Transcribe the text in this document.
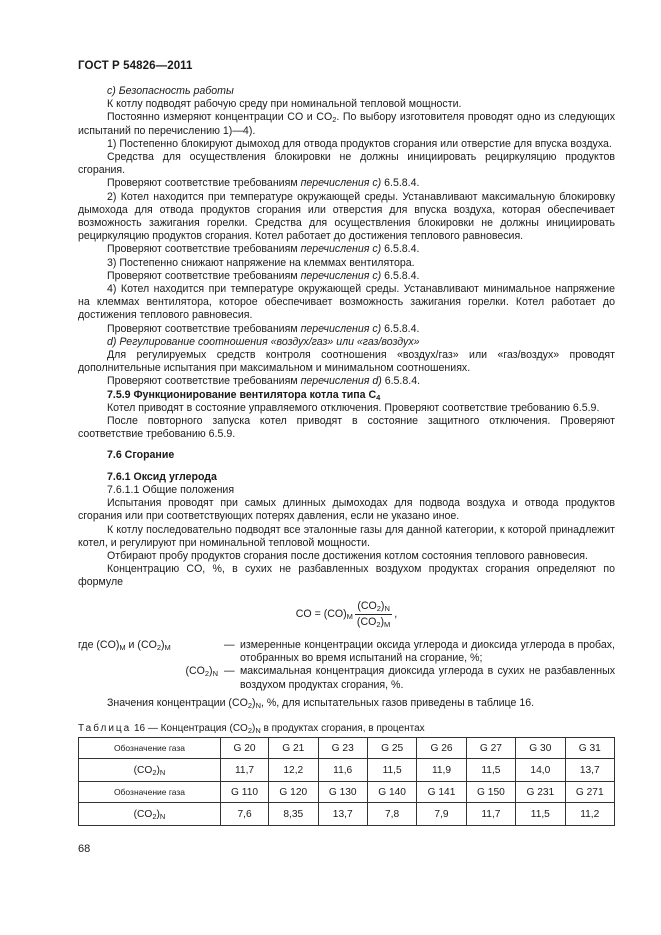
ГОСТ Р 54826—2011

c) Безопасность работы

К котлу подводят рабочую среду при номинальной тепловой мощности.

Постоянно измеряют концентрации CO и $CO_2$. По выбору изготовителя проводят одно из следующих испытаний по перечислению 1)—4).

1) Постепенно блокируют дымоход для отвода продуктов сгорания или отверстие для впуска воздуха.

Средства для осуществления блокировки не должны инициировать рециркуляцию продуктов сгорания.

Проверяют соответствие требованиям перечисления c) 6.5.8.4.

2) Котел находится при температуре окружающей среды. Устанавливают максимальную блокировку дымохода для отвода продуктов сгорания или отверстия для впуска воздуха, которая обеспечивает возможность зажигания горелки. Средства для осуществления блокировки не должны инициировать рециркуляцию продуктов сгорания. Котел работает до достижения теплового равновесия.

Проверяют соответствие требованиям перечисления c) 6.5.8.4.

3) Постепенно снижают напряжение на клеммах вентилятора.

Проверяют соответствие требованиям перечисления c) 6.5.8.4.

4) Котел находится при температуре окружающей среды. Устанавливают минимальное напряжение на клеммах вентилятора, которое обеспечивает возможность зажигания горелки. Котел работает до достижения теплового равновесия.

Проверяют соответствие требованиям перечисления c) 6.5.8.4.

d) Регулирование соотношения «воздух/газ» или «газ/воздух»

Для регулируемых средств контроля соотношения «воздух/газ» или «газ/воздух» проводят дополнительные испытания при максимальном и минимальном соотношениях.

Проверяют соответствие требованиям перечисления d) 6.5.8.4.

7.5.9 Функционирование вентилятора котла типа $C_4$

Котел приводят в состояние управляемого отключения. Проверяют соответствие требованию 6.5.9.

После повторного запуска котел приводят в состояние защитного отключения. Проверяют соответствие требованию 6.5.9.

7.6 Сгорание

7.6.1 Оксид углерода

7.6.1.1 Общие положения

Испытания проводят при самых длинных дымоходах для подвода воздуха и отвода продуктов сгорания или при соответствующих потерях давления, если не указано иное.

К котлу последовательно подводят все эталонные газы для данной категории, к которой принадлежит котел, и регулируют при номинальной тепловой мощности.

Отбирают пробу продуктов сгорания после достижения котлом состояния теплового равновесия.

Концентрацию CO, %, в сухих не разбавленных воздухом продуктах сгорания определяют по формуле

CO = $(CO)_M \frac{(CO_2)_N}{(CO_2)_M}$ ,
где $(CO)_M$ и $(CO_2)_M$	— измеренные концентрации оксида углерода и диоксида углерода в пробах, отобранных во время испытаний на сгорание, %;
$(CO_2)_N$ — максимальная концентрация диоксида углерода в сухих не разбавленных воздухом продуктах сгорания, %.

Значения концентрации $(CO_2)_N$, %, для испытательных газов приведены в таблице 16.

Таблица 16 — Концентрация $(CO_2)_N$ в продуктах сгорания, в процентах
Обозначение газа	G 20	G 21	G 23	G 25	G 26	G 27	G 30	G 31
$(CO_2)_N$	11,7	12,2	11,6	11,5	11,9	11,5	14,0	13,7
Обозначение газа	G 110	G 120	G 130	G 140	G 141	G 150	G 231	G 271
$(CO_2)_N$	7,6	8,35	13,7	7,8	7,9	11,7	11,5	11,2
68
